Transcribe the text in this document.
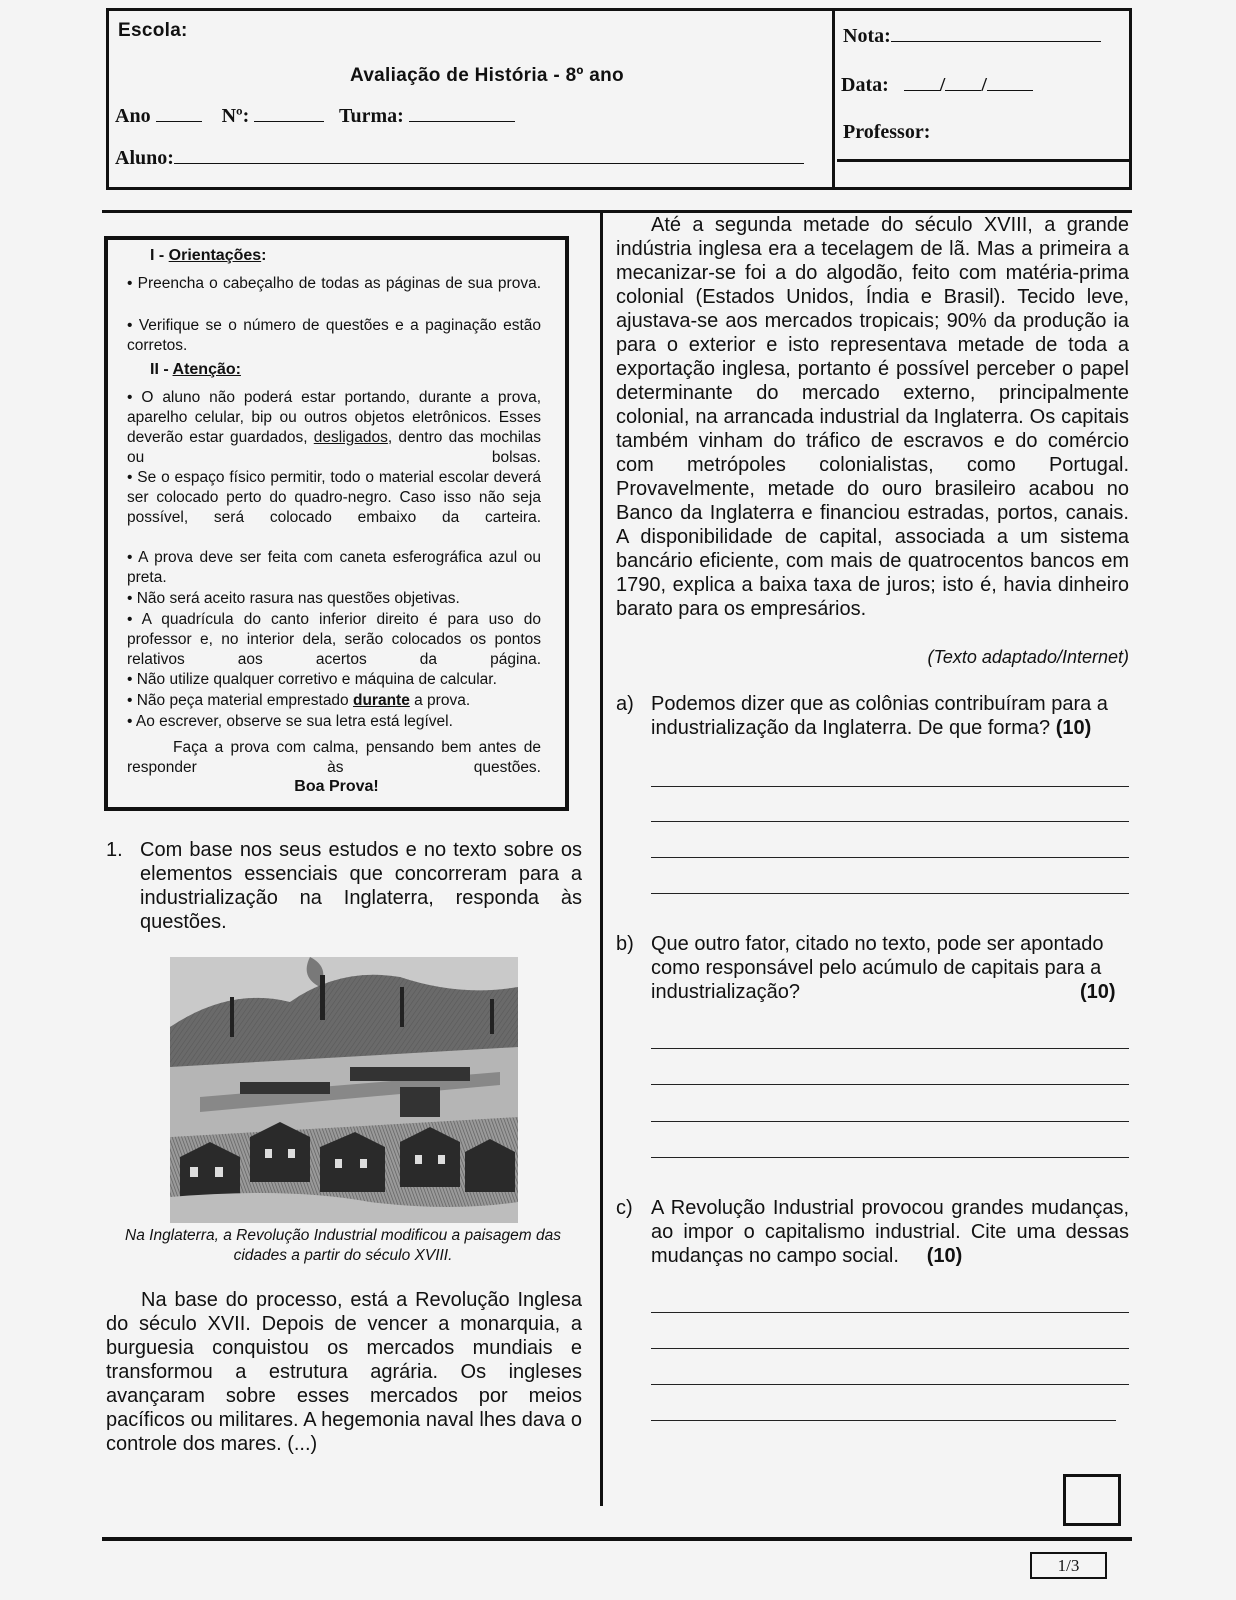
Escola:
Avaliação de História - 8º ano
Ano	Nº:	Turma:
Aluno:
Nota:
Data:	/ /
Professor:
I - Orientações:
• Preencha o cabeçalho de todas as páginas de sua prova.
• Verifique se o número de questões e a paginação estão corretos.
II - Atenção:
• O aluno não poderá estar portando, durante a prova, aparelho celular, bip ou outros objetos eletrônicos. Esses deverão estar guardados, desligados, dentro das mochilas ou bolsas.
• Se o espaço físico permitir, todo o material escolar deverá ser colocado perto do quadro-negro. Caso isso não seja possível, será colocado embaixo da carteira.
• A prova deve ser feita com caneta esferográfica azul ou preta.
• Não será aceito rasura nas questões objetivas.
• A quadrícula do canto inferior direito é para uso do professor e, no interior dela, serão colocados os pontos relativos aos acertos da página.
• Não utilize qualquer corretivo e máquina de calcular.
• Não peça material emprestado durante a prova.
• Ao escrever, observe se sua letra está legível.
Faça a prova com calma, pensando bem antes de responder às questões.
Boa Prova!
1. Com base nos seus estudos e no texto sobre os elementos essenciais que concorreram para a industrialização na Inglaterra, responda às questões.
Na Inglaterra, a Revolução Industrial modificou a paisagem das cidades a partir do século XVIII.
Na base do processo, está a Revolução Inglesa do século XVII. Depois de vencer a monarquia, a burguesia conquistou os mercados mundiais e transformou a estrutura agrária. Os ingleses avançaram sobre esses mercados por meios pacíficos ou militares. A hegemonia naval lhes dava o controle dos mares. (...)
Até a segunda metade do século XVIII, a grande indústria inglesa era a tecelagem de lã. Mas a primeira a mecanizar-se foi a do algodão, feito com matéria-prima colonial (Estados Unidos, Índia e Brasil). Tecido leve, ajustava-se aos mercados tropicais; 90% da produção ia para o exterior e isto representava metade de toda a exportação inglesa, portanto é possível perceber o papel determinante do mercado externo, principalmente colonial, na arrancada industrial da Inglaterra. Os capitais também vinham do tráfico de escravos e do comércio com metrópoles colonialistas, como Portugal. Provavelmente, metade do ouro brasileiro acabou no Banco da Inglaterra e financiou estradas, portos, canais. A disponibilidade de capital, associada a um sistema bancário eficiente, com mais de quatrocentos bancos em 1790, explica a baixa taxa de juros; isto é, havia dinheiro barato para os empresários.
(Texto adaptado/Internet)
a) Podemos dizer que as colônias contribuíram para a industrialização da Inglaterra. De que forma? (10)
b) Que outro fator, citado no texto, pode ser apontado como responsável pelo acúmulo de capitais para a industrialização?	(10)
c) A Revolução Industrial provocou grandes mudanças, ao impor o capitalismo industrial. Cite uma dessas mudanças no campo social. (10)
1/3
